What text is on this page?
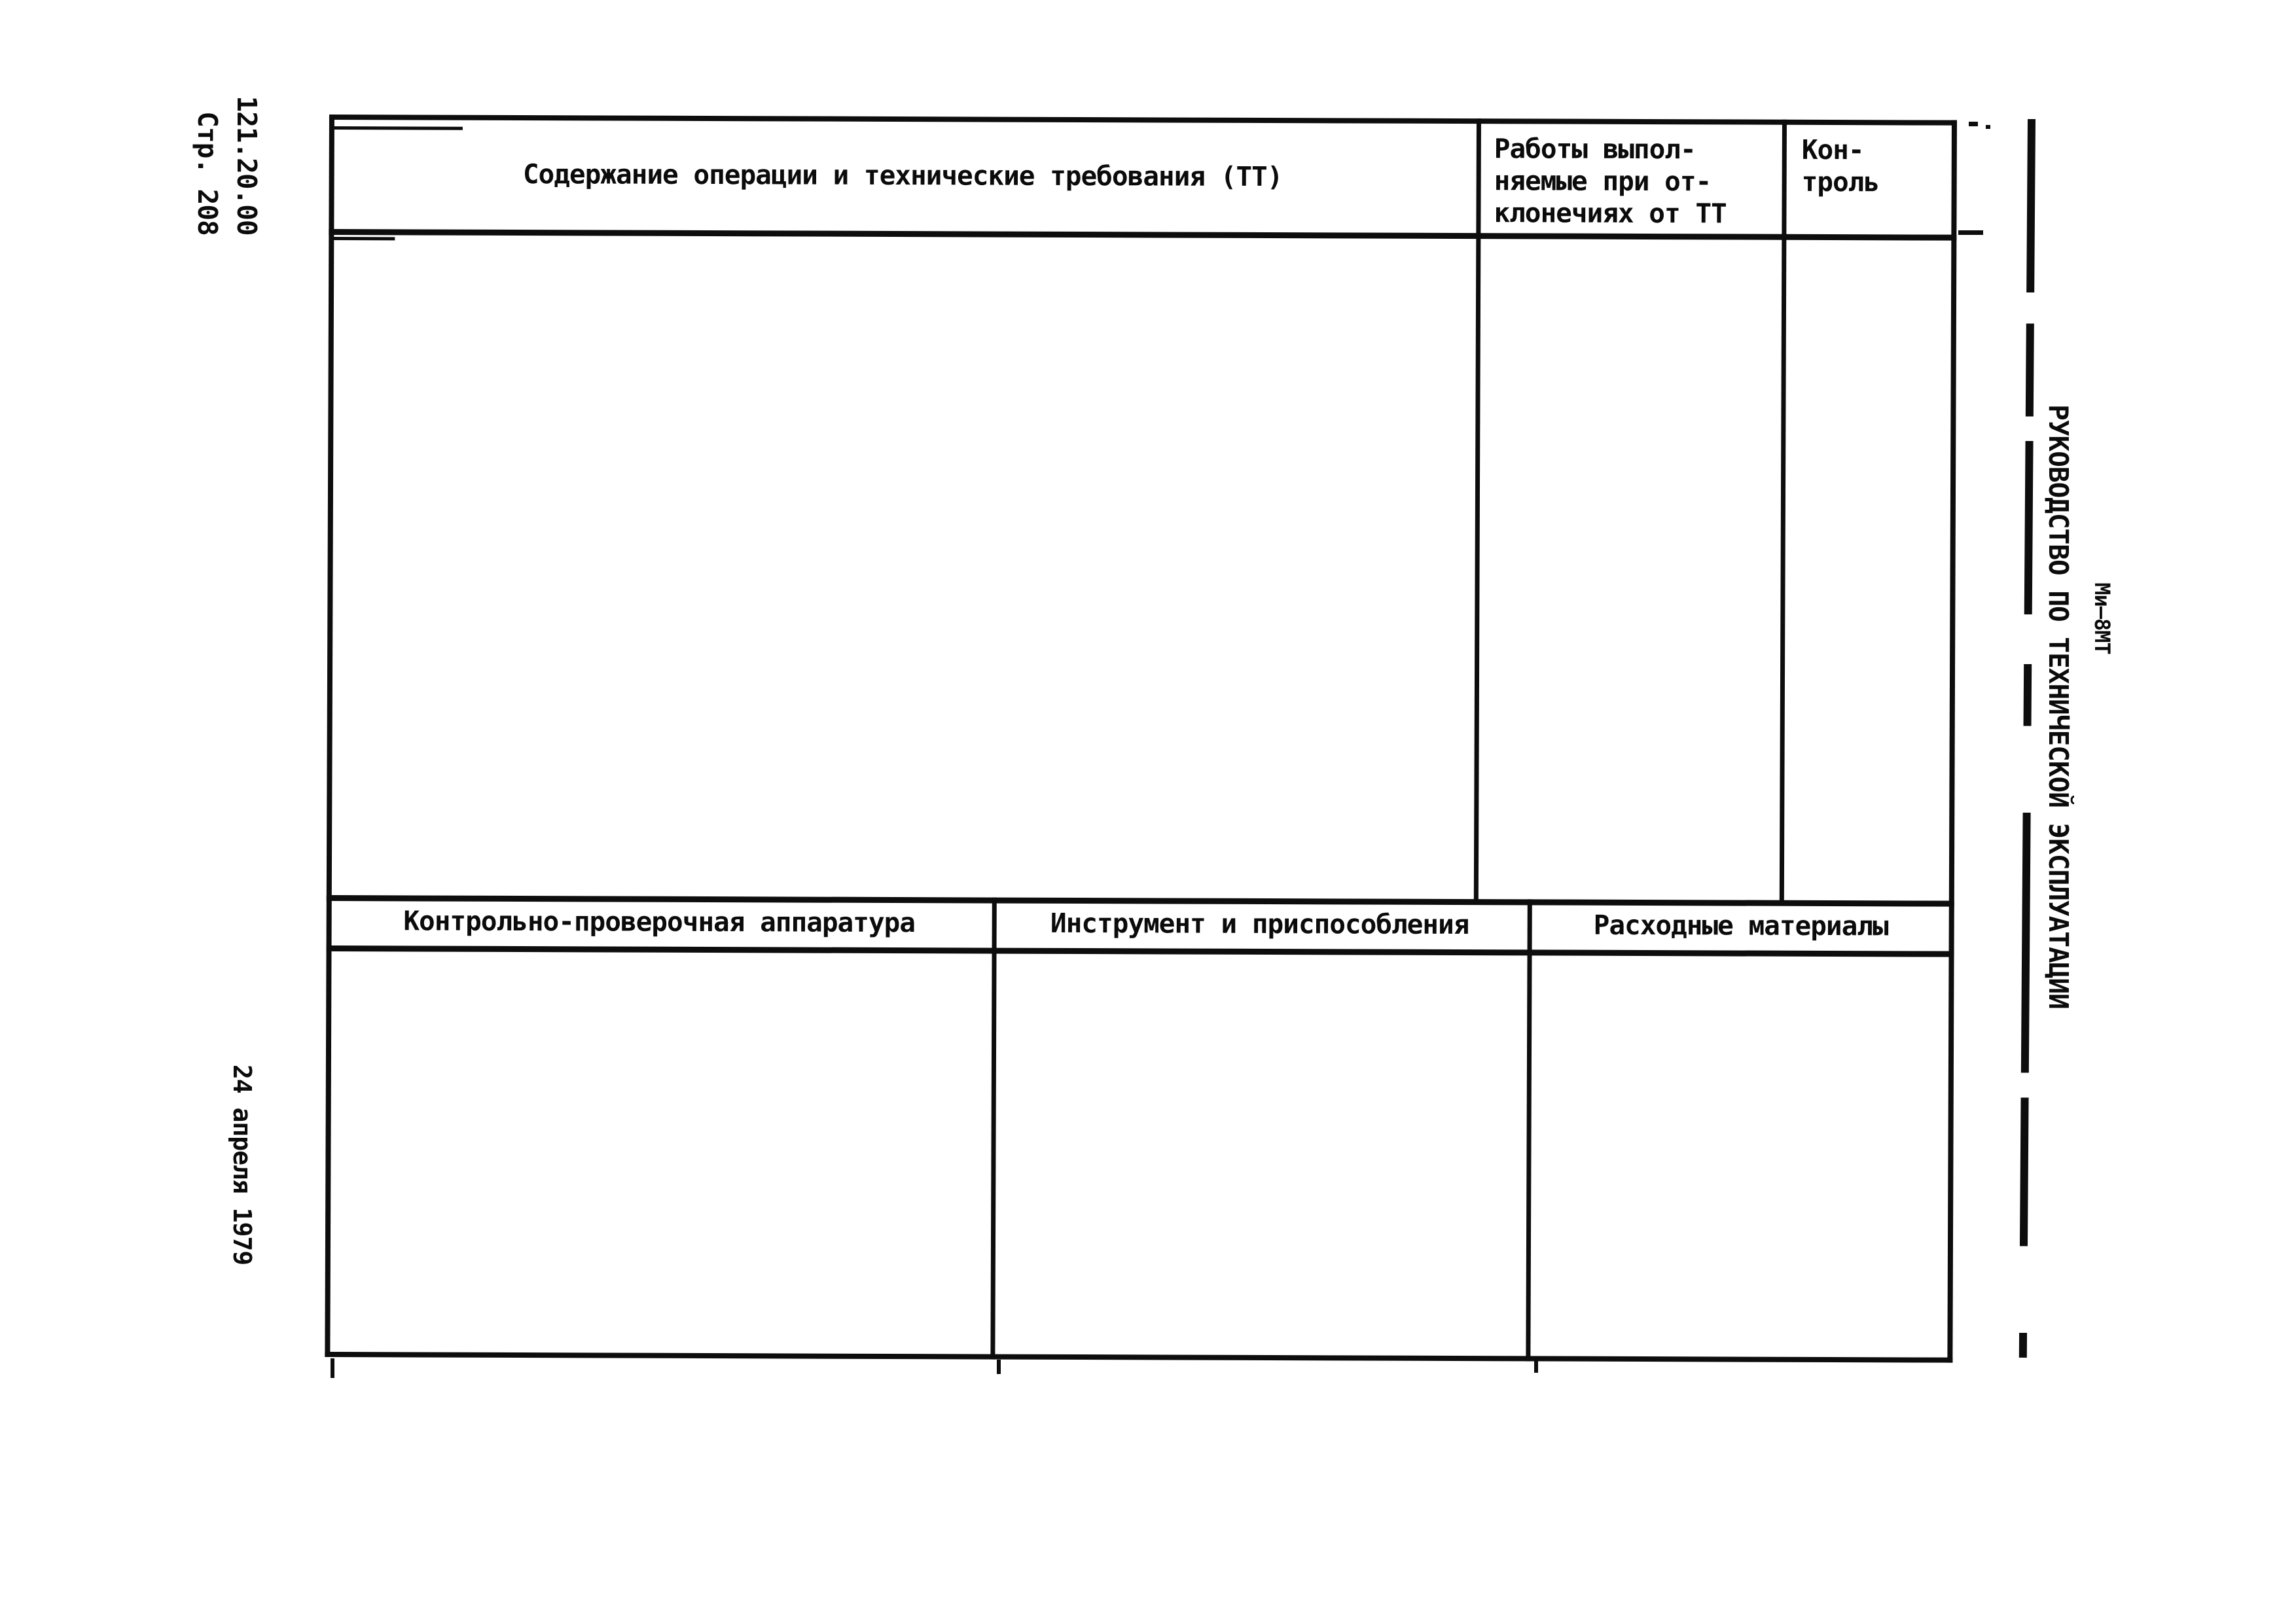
121.20.00
Стр. 208
24 апреля 1979
Ми—8МТ
РУКОВОДСТВО ПО ТЕХНИЧЕСКОЙ ЭКСПЛУАТАЦИИ
Содержание операции и технические требования (ТТ)
Работы выпол-
няемые при от-
клонечиях от ТТ
Кон-
троль
Контрольно-проверочная аппаратура	Инструмент и приспособления	Расходные материалы
